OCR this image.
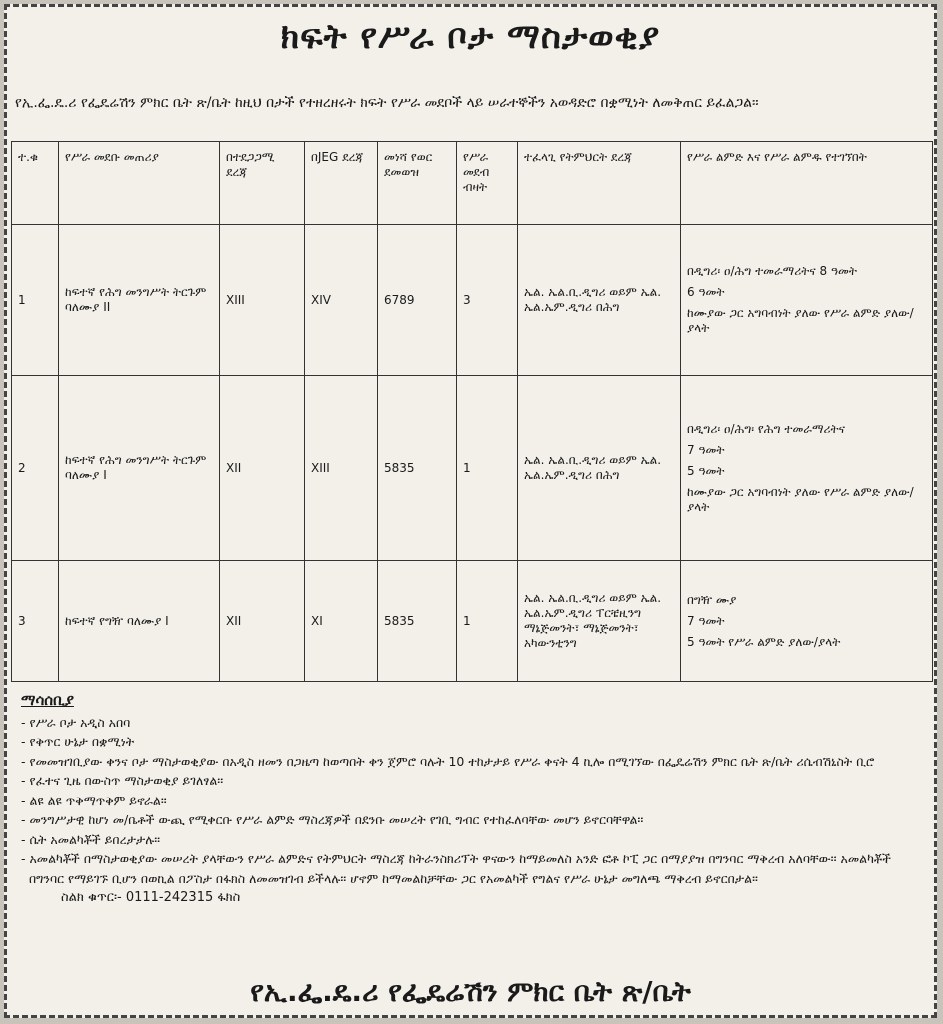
ክፍት የሥራ ቦታ ማስታወቂያ
የኢ.ፌ.ዴ.ሪ የፌዴሬሽን ምክር ቤት ጽ/ቤት ከዚህ በታች የተዘረዘሩት ክፍት የሥራ መደቦች ላይ ሠራተኞችን አወዳድሮ በቋሚነት ለመቅጠር ይፈልጋል፡፡
ተ.ቁ	የሥራ መደቡ መጠሪያ	በተደጋጋሚ ደረጃ	በJEG ደረጃ	መነሻ የወር ደመወዝ	የሥራ መደብ ብዛት	ተፈላጊ የትምህርት ደረጃ	የሥራ ልምድ እና የሥራ ልምዱ የተገኘበት
1	ከፍተኛ የሕግ መንግሥት ትርጉም ባለሙያ II	XIII	XIV	6789	3	ኤል. ኤል.ቢ.ዲግሪ ወይም ኤል. ኤል.ኤም.ዲግሪ በሕግ	በዲግሪ፡ ዐ/ሕግ ተመራማሪትና 8 ዓመት
6 ዓመት
ከሙያው ጋር አግባብነት ያለው የሥራ ልምድ ያለው/ያላት

2	ከፍተኛ የሕግ መንግሥት ትርጉም ባለሙያ I	XII	XIII	5835	1	ኤል. ኤል.ቢ.ዲግሪ ወይም ኤል. ኤል.ኤም.ዲግሪ በሕግ	በዲግሪ፡ ዐ/ሕግ፡ የሕግ ተመራማሪትና
7 ዓመት
5 ዓመት
ከሙያው ጋር አግባብነት ያለው የሥራ ልምድ ያለው/ያላት

3	ከፍተኛ የግዥ ባለሙያ I	XII	XI	5835	1	ኤል. ኤል.ቢ.ዲግሪ ወይም ኤል. ኤል.ኤም.ዲግሪ ፐርቼዚንግ ማኔጅመንት፣ ማኔጅመንት፣ አካውንቲንግ	በግዥ ሙያ
7 ዓመት
5 ዓመት የሥራ ልምድ ያለው/ያላት
ማሳሰቢያ
- የሥራ ቦታ አዲስ አበባ
- የቅጥር ሁኔታ በቋሚነት
- የመመዝገቢያው ቀንና ቦታ ማስታወቂያው በአዲስ ዘመን በጋዜጣ ከወጣበት ቀን ጀምሮ ባሉት 10 ተከታታይ የሥራ ቀናት 4 ኪሎ በሚገኘው በፌዴሬሽን ምክር ቤት ጽ/ቤት ሪሴብሽኒስት ቢሮ
- የፈተና ጊዜ በውስጥ ማስታወቂያ ይገለፃል፡፡
- ልዩ ልዩ ጥቅማጥቅም ይኖራል፡፡
- መንግሥታዊ ከሆነ መ/ቤቶች ውጪ የሚቀርቡ የሥራ ልምድ ማስረጃዎች በደንቡ መሠረት የገቢ ግብር የተከፈለባቸው መሆን ይኖርባቸዋል፡፡
- ሴት አመልካቾች ይበረታታሉ፡፡
- አመልካቾች በማስታወቂያው መሠረት ያላቸውን የሥራ ልምድና የትምህርት ማስረጃ ከትራንስክሪፕት ዋናውን ከማይመለስ አንድ ፎቶ ኮፒ ጋር በማያያዝ በግንባር ማቅረብ አለባቸው፡፡ አመልካቾች በግንባር የማይገኙ ቢሆን በወኪል በፖስታ በፋክስ ለመመዝገብ ይችላሉ፡፡ ሆኖም ከማመልከቻቸው ጋር የአመልካች የግልና የሥራ ሁኔታ መግለጫ ማቅረብ ይኖርበታል፡፡
ስልክ ቁጥር፡- 0111-242315 ፋክስ
የኢ.ፌ.ዴ.ሪ የፌዴሬሽን ምክር ቤት ጽ/ቤት
